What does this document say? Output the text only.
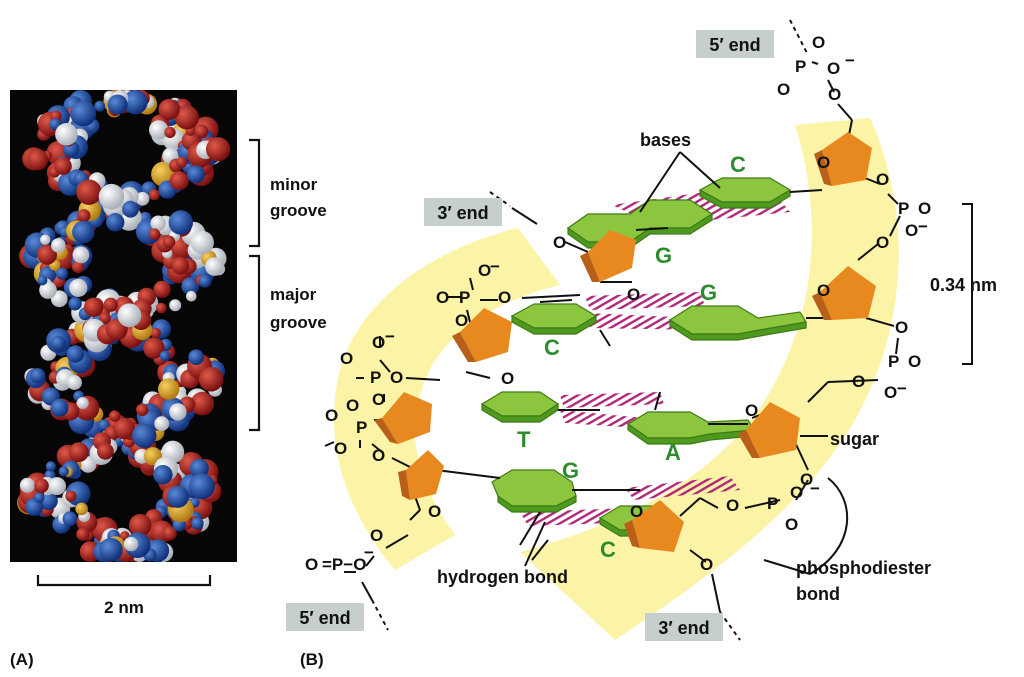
minor
groove
major
groove
2 nm
(A)
O
O
O
−
O P O
O
O
O −
O
P O
O
O
O
P
O O
O
O
O =P−O
−
P
O
O −
O
O
O
O
P O
O −
O
O
O
P O
O −
O
O
O
P
O
O −
O
O
O
C
G
G
C
T
A
G
C
3′ end
5′ end
5′ end	3′ end
bases
0.34 nm
sugar
hydrogen bond	phosphodiester
bond
(B)
